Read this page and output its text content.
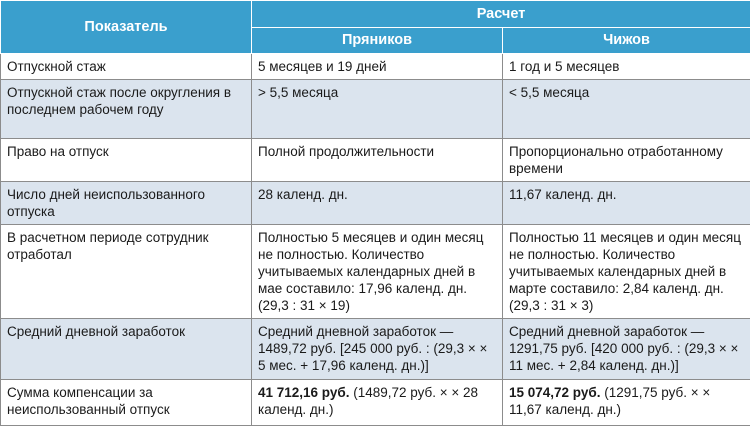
Показатель	Расчет	
	Пряников	Чижов
Отпускной стаж	5 месяцев и 19 дней	1 год и 5 месяцев
Отпускной стаж после округления в последнем рабочем году	> 5,5 месяца	< 5,5 месяца
Право на отпуск	Полной продолжительности	Пропорционально отработанному времени
Число дней неиспользованного отпуска	28 календ. дн.	11,67 календ. дн.
В расчетном периоде сотрудник отработал	Полностью 5 месяцев и один месяц не полностью. Количество учитываемых календарных дней в мае составило: 17,96 календ. дн. (29,3 : 31 × 19)	Полностью 11 месяцев и один месяц не полностью. Количество учитываемых календарных дней в марте составило: 2,84 календ. дн. (29,3 : 31 × 3)
Средний дневной заработок	Средний дневной заработок — 1489,72 руб. [245 000 руб. : (29,3 × × 5 мес. + 17,96 календ. дн.)]	Средний дневной заработок — 1291,75 руб. [420 000 руб. : (29,3 × × 11 мес. + 2,84 календ. дн.)]
Сумма компенсации за неиспользованный отпуск	41 712,16 руб. (1489,72 руб. × × 28 календ. дн.)	15 074,72 руб. (1291,75 руб. × × 11,67 календ. дн.)
